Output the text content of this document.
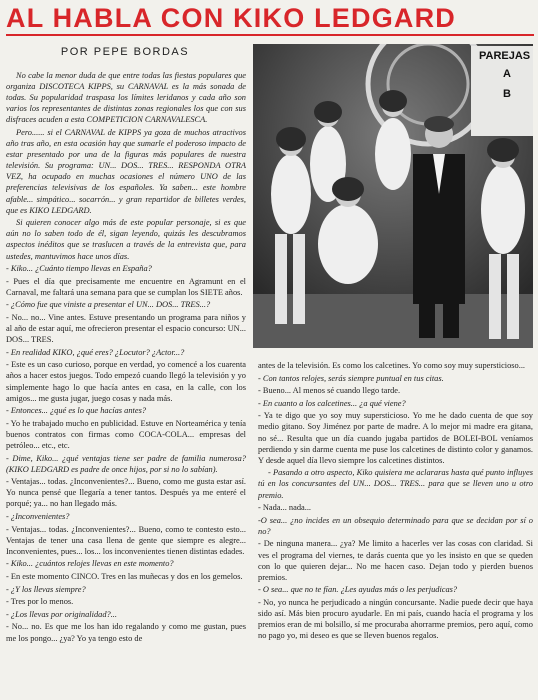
AL HABLA CON KIKO LEDGARD
POR PEPE BORDAS

No cabe la menor duda de que entre todas las fiestas populares que organiza DISCOTECA KIPPS, su CARNAVAL es la más sonada de todas. Su popularidad traspasa los límites leridanos y cada año son varios los representantes de distintas zonas regionales los que con sus disfraces acuden a esta COMPETICION CARNAVALESCA.

Pero...... si el CARNAVAL de KIPPS ya goza de muchos atractivos año tras año, en esta ocasión hay que sumarle el poderoso impacto de estar presentado por una de la figuras más populares de nuestra televisión. Su programa: UN... DOS... TRES... RESPONDA OTRA VEZ, ha ocupado en muchas ocasiones el número UNO de las preferencias televisivas de los españoles. Ya saben... este hombre afable... simpático... socarrón... y gran repartidor de billetes verdes, que es KIKO LEDGARD.

Si quieren conocer algo más de este popular personaje, si es que aún no lo saben todo de él, sigan leyendo, quizás les descubramos aspectos inéditos que se traslucen a través de la entrevista que, para ustedes, mantuvimos hace unos días.

- Kiko... ¿Cuánto tiempo llevas en España?

- Pues el día que precisamente me encuentre en Agramunt en el Carnaval, me faltará una semana para que se cumplan los SIETE años.

- ¿Cómo fue que viniste a presentar el UN... DOS... TRES...?

- No... no... Vine antes. Estuve presentando un programa para niños y al año de estar aquí, me ofrecieron presentar el espacio concurso: UN... DOS... TRES.

- En realidad KIKO, ¿qué eres? ¿Locutor? ¿Actor...?

- Este es un caso curioso, porque en verdad, yo comencé a los cuarenta años a hacer estos juegos. Todo empezó cuando llegó la televisión y yo simplemente hago lo que hacía antes en casa, en la calle, con los amigos... me gusta jugar, juego cosas y nada más.

- Entonces... ¿qué es lo que hacías antes?

- Yo he trabajado mucho en publicidad. Estuve en Norteamérica y tenía buenos contratos con firmas como COCA-COLA... empresas del petróleo... etc., etc.

- Dime, Kiko... ¿qué ventajas tiene ser padre de familia numerosa? (KIKO LEDGARD es padre de once hijos, por si no lo sabían).

- Ventajas... todas. ¿Inconvenientes?... Bueno, como me gusta estar así. Yo nunca pensé que llegaría a tener tantos. Después ya me enteré el porqué; ya... no han llegado más.

- ¿Inconvenientes?

- Ventajas... todas. ¿Inconvenientes?... Bueno, como te contesto esto... Ventajas de tener una casa llena de gente que siempre es alegre... Inconvenientes, pues... los... los inconvenientes tienen distintas edades.

- Kiko... ¿cuántos relojes llevas en este momento?

- En este momento CINCO. Tres en las muñecas y dos en los gemelos.

- ¿Y los llevas siempre?

- Tres por lo menos.

- ¿Los llevas por originalidad?...

- No... no. Es que me los han ido regalando y como me gustan, pues me los pongo... ¿ya? Yo ya tengo esto de

PAREJAS
A
B

antes de la televisión. Es como los calcetines. Yo como soy muy supersticioso...

- Con tantos relojes, serás siempre puntual en tus citas.

- Bueno... Al menos sé cuando llego tarde.

- En cuanto a los calcetines... ¿a qué viene?

- Ya te digo que yo soy muy supersticioso. Yo me he dado cuenta de que soy medio gitano. Soy Jiménez por parte de madre. A lo mejor mi madre era gitana, no sé... Resulta que un día cuando jugaba partidos de BOLEI-BOL veníamos perdiendo y sin darme cuenta me puse los calcetines de distinto color y ganamos. Y desde aquel día llevo siempre los calcetines distintos.

- Pasando a otro aspecto, Kiko quisiera me aclararas hasta qué punto influyes tú en los concursantes del UN... DOS... TRES... para que se lleven uno u otro premio.

- Nada... nada...

-O sea... ¿no incides en un obsequio determinado para que se decidan por sí o no?

- De ninguna manera... ¿ya? Me limito a hacerles ver las cosas con claridad. Si ves el programa del viernes, te darás cuenta que yo les insisto en que se queden con lo que quieren dejar... No me hacen caso. Dejan todo y pierden buenos premios.

- O sea... que no te fían. ¿Les ayudas más o les perjudicas?

- No, yo nunca he perjudicado a ningún concursante. Nadie puede decir que haya sido así. Más bien procuro ayudarle. En mi país, cuando hacía el programa y los premios eran de mi bolsillo, sí me procuraba ahorrarme premios, pero aquí, como no pago yo, mi deseo es que se lleven buenos regalos.
